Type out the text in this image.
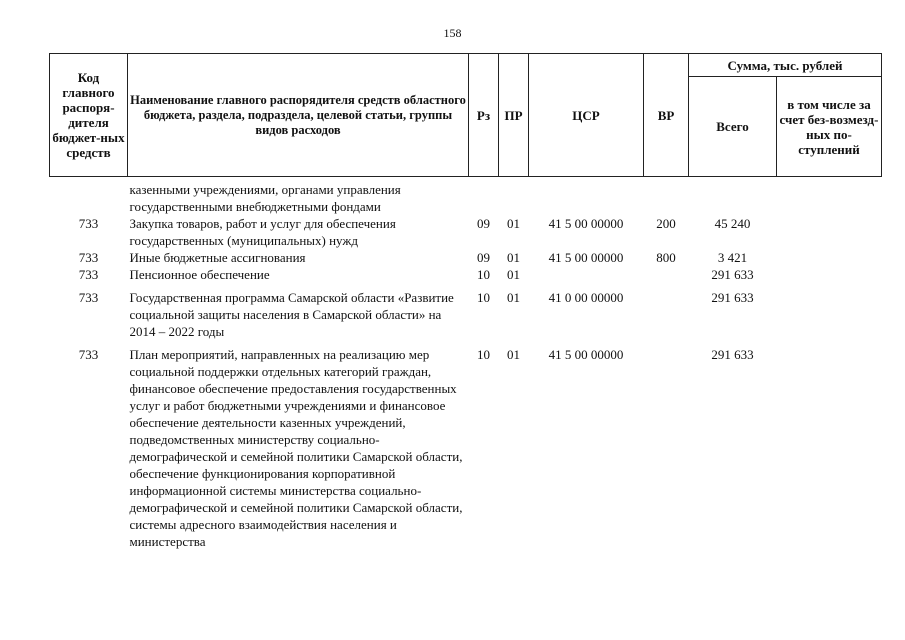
158
Код главного распоря-дителя бюджет-ных средств	Наименование главного распорядителя средств областного бюджета, раздела, подраздела, целевой статьи, группы видов расходов	Рз	ПР	ЦСР	ВР	Сумма, тыс. рублей	
						Всего	в том числе за счет без-возмезд-ных по-ступлений
	казенными учреждениями, органами управления государственными внебюджетными фондами						
733	Закупка товаров, работ и услуг для обеспечения государственных (муниципальных) нужд	09	01	41 5 00 00000	200	45 240	
733	Иные бюджетные ассигнования	09	01	41 5 00 00000	800	3 421	
733	Пенсионное обеспечение	10	01			291 633	
733	Государственная программа Самарской области «Развитие социальной защиты населения в Самарской области» на 2014 – 2022 годы	10	01	41 0 00 00000		291 633	
733	План мероприятий, направленных на реализацию мер социальной поддержки отдельных категорий граждан, финансовое обеспечение предоставления государственных услуг и работ бюджетными учреждениями и финансовое обеспечение деятельности казенных учреждений, подведомственных министерству социально-демографической и семейной политики Самарской области, обеспечение функционирования корпоративной информационной системы министерства социально-демографической и семейной политики Самарской области, системы адресного взаимодействия населения и министерства	10	01	41 5 00 00000		291 633	
